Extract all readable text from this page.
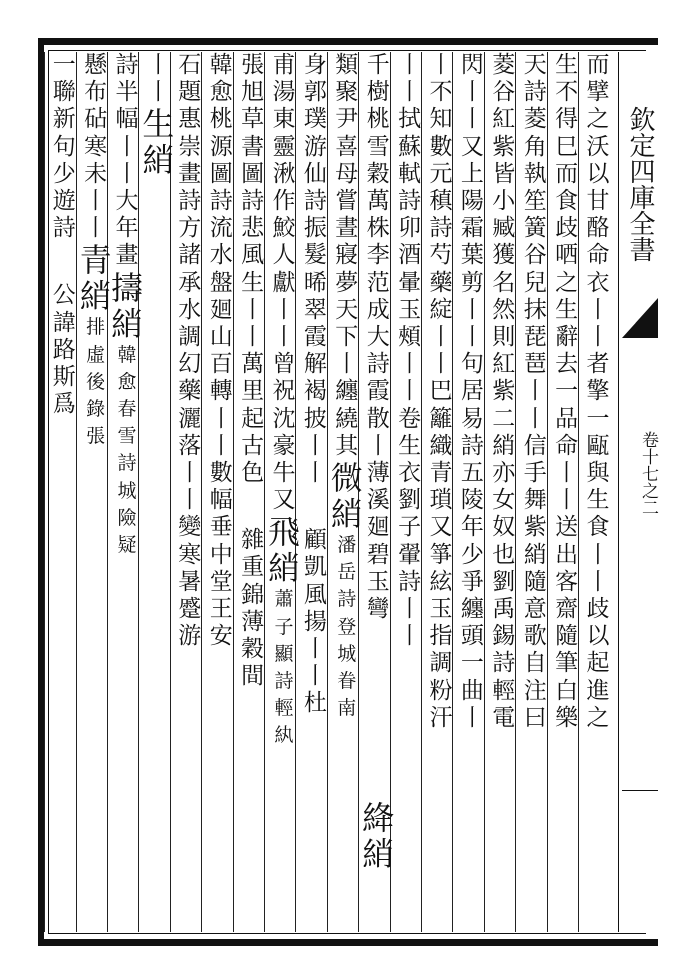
欽定四庫全書
卷十七之二
而
擘
之
沃
以
甘
酪
命
衣
丨
丨
者
擎
一
甌
與
生
食
丨
丨
歧
以
起
進
之
生
不
得
巳
而
食
歧
哂
之
生
辭
去
一
品
命
丨
丨
送
出
客
齋
隨
筆
白
樂
天
詩
菱
角
執
笙
簧
谷
兒
抹
琵
琶
丨
丨
信
手
舞
紫
綃
隨
意
歌
自
注
曰
菱
谷
紅
紫
皆
小
臧
獲
名
然
則
紅
紫
二
綃
亦
女
奴
也
劉
禹
錫
詩
輕
電
閃
丨
丨
又
上
陽
霜
葉
剪
丨
丨
句
居
易
詩
五
陵
年
少
爭
纏
頭
一
曲
丨
丨
不
知
數
元
稹
詩
芍
藥
綻
丨
丨
巴
籬
織
青
瑣
又
箏
絃
玉
指
調
粉
汗
丨
丨
拭
蘇
軾
詩
卯
酒
暈
玉
頰
丨
丨
卷
生
衣
劉
子
翬
詩
丨
丨
千
樹
桃
雪
穀
萬
株
李
范
成
大
詩
霞
散
丨
薄
溪
廻
碧
玉
彎
類
聚
尹
喜
母
嘗
晝
寢
夢
天
下
丨
纏
繞
其
微
綃
潘
岳
詩
登
城
眷
南
身
郭
璞
游
仙
詩
振
髮
晞
翠
霞
解
褐
披
丨
丨
顧
凱
風
揚
丨
丨
杜
甫
湯
東
靈
湫
作
鮫
人
獻
丨
丨
曾
祝
沈
豪
牛
又
飛
綃
蕭
子
顯
詩
輕
紈
張
旭
草
書
圖
詩
悲
風
生
丨
丨
萬
里
起
古
色
雜
重
錦
薄
穀
間
韓
愈
桃
源
圖
詩
流
水
盤
廻
山
百
轉
丨
丨
數
幅
垂
中
堂
王
安
石
題
惠
崇
畫
詩
方
諸
承
水
調
幻
藥
灑
落
丨
丨
變
寒
暑
蹙
游
丨
丨
生
綃
詩
半
幅
丨
丨
大
年
畫
擣
綃
韓
愈
春
雪
詩
城
險
疑
懸
布
砧
寒
未
丨
丨
青
綃
排
虛
後
錄
張
一
聯
新
句
少
遊
詩
公
諱
路
斯
爲
絳
綃
